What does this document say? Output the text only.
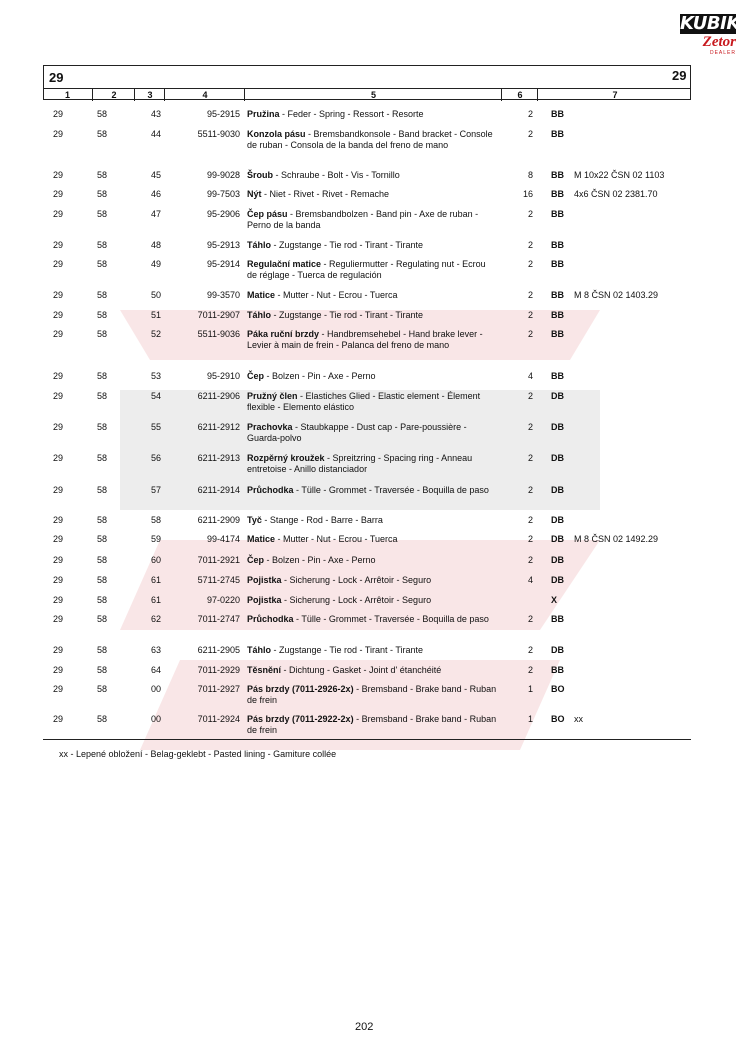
KUBIK
Zetor
DEALER
29	29
1	2	3	4	5	6	7
29	58	43	95-2915	2 BB
Pružina - Feder - Spring - Ressort - Resorte
29	58	44	5511-9030	2 BB
Konzola pásu - Bremsbandkonsole - Band bracket - Console de ruban - Consola de la banda del freno de mano
29	58	45	99-9028	8 BB M 10x22 ČSN 02 1103
Šroub - Schraube - Bolt - Vis - Tornillo
29	58	46	99-7503	16 BB 4x6 ČSN 02 2381.70
Nýt - Niet - Rivet - Rivet - Remache
29	58	47	95-2906	2 BB
Čep pásu - Bremsbandbolzen - Band pin - Axe de ruban - Perno de la banda
29	58	48	95-2913	2 BB
Táhlo - Zugstange - Tie rod - Tirant - Tirante
29	58	49	95-2914	2 BB
Regulační matice - Reguliermutter - Regulating nut - Ecrou de réglage - Tuerca de regulación
29	58	50	99-3570	2 BB M 8 ČSN 02 1403.29
Matice - Mutter - Nut - Ecrou - Tuerca
29	58	51	7011-2907	2 BB
Táhlo - Zugstange - Tie rod - Tirant - Tirante
29	58	52	5511-9036	2 BB
Páka ruční brzdy - Handbremsehebel - Hand brake lever - Levier à main de frein - Palanca del freno de mano
29	58	53	95-2910	4 BB
Čep - Bolzen - Pin - Axe - Perno
29	58	54	6211-2906	2 DB
Pružný člen - Elastiches Glied - Elastic element - Élement flexible - Elemento elástico
29	58	55	6211-2912	2 DB
Prachovka - Staubkappe - Dust cap - Pare-poussière - Guarda-polvo
29	58	56	6211-2913	2 DB
Rozpěrný kroužek - Spreitzring - Spacing ring - Anneau entretoise - Anillo distanciador
29	58	57	6211-2914	2 DB
Průchodka - Tülle - Grommet - Traversée - Boquilla de paso
29	58	58	6211-2909	2 DB
Tyč - Stange - Rod - Barre - Barra
29	58	59	99-4174	2 DB M 8 ČSN 02 1492.29
Matice - Mutter - Nut - Ecrou - Tuerca
29	58	60	7011-2921	2 DB
Čep - Bolzen - Pin - Axe - Perno
29	58	61	5711-2745	4 DB
Pojistka - Sicherung - Lock - Arrêtoir - Seguro
29	58	61	97-0220	X
Pojistka - Sicherung - Lock - Arrêtoir - Seguro
29	58	62	7011-2747	2 BB
Průchodka - Tülle - Grommet - Traversée - Boquilla de paso
29	58	63	6211-2905	2 DB
Táhlo - Zugstange - Tie rod - Tirant - Tirante
29	58	64	7011-2929	2 BB
Těsnění - Dichtung - Gasket - Joint d' étanchéité
29	58	00	7011-2927	1 BO
Pás brzdy (7011-2926-2x) - Bremsband - Brake band - Ruban de frein
29	58	00	7011-2924	1 BO xx
Pás brzdy (7011-2922-2x) - Bremsband - Brake band - Ruban de frein
xx - Lepené obložení - Belag-geklebt - Pasted lining - Gamiture collée
202
